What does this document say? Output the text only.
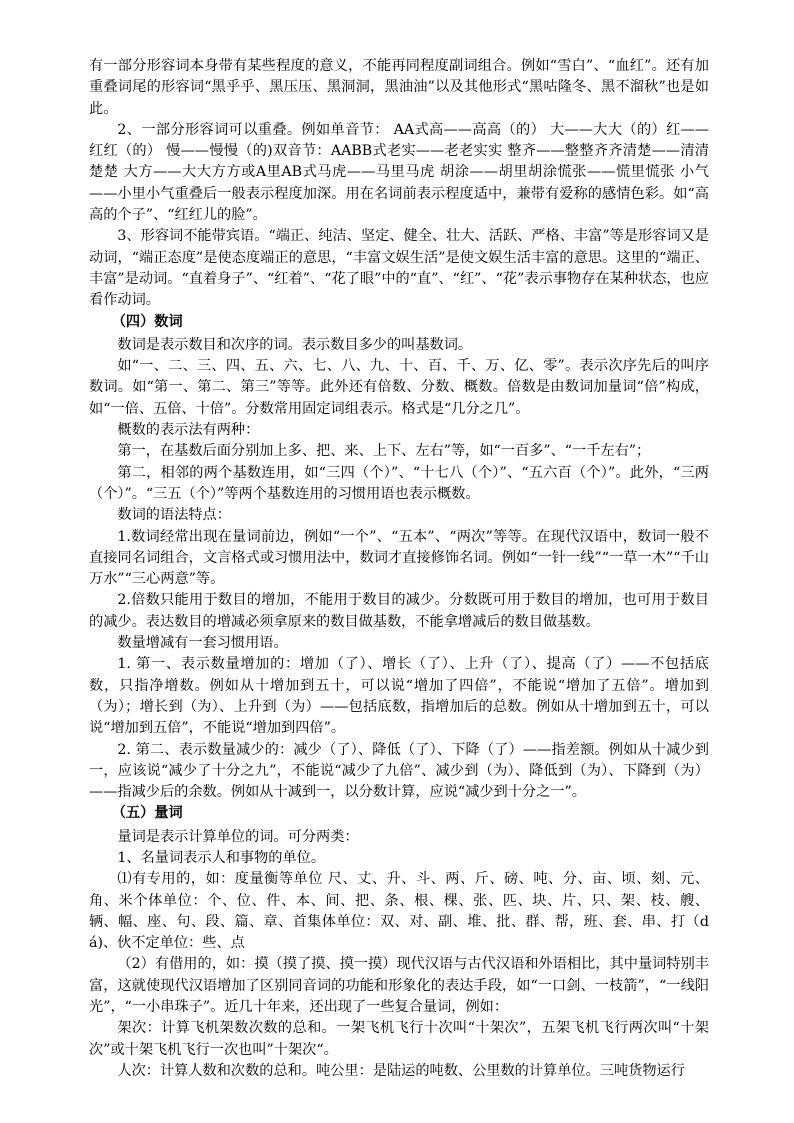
有一部分形容词本身带有某些程度的意义，不能再同程度副词组合。例如“雪白”、“血红”。还有加重叠词尾的形容词“黑乎乎、黑压压、黑洞洞，黑油油”以及其他形式“黑咕隆冬、黑不溜秋”也是如此。

2、一部分形容词可以重叠。例如单音节： AA式高——高高（的） 大——大大（的）红——红红（的） 慢——慢慢（的)双音节：AABB式老实——老老实实 整齐——整整齐齐清楚——清清楚楚 大方——大大方方或A里AB式马虎——马里马虎 胡涂——胡里胡涂慌张——慌里慌张 小气——小里小气重叠后一般表示程度加深。用在名词前表示程度适中，兼带有爱称的感情色彩。如“高高的个子”、“红红儿的脸”。

3、形容词不能带宾语。“端正、纯洁、坚定、健全、壮大、活跃、严格、丰富”等是形容词又是动词，“端正态度”是使态度端正的意思，“丰富文娱生活”是使文娱生活丰富的意思。这里的“端正、丰富”是动词。“直着身子”、“红着”、“花了眼”中的“直”、“红”、“花”表示事物存在某种状态，也应看作动词。

（四）数词

数词是表示数目和次序的词。表示数目多少的叫基数词。

如“一、二、三、四、五、六、七、八、九、十、百、千、万、亿、零”。表示次序先后的叫序数词。如“第一、第二、第三”等等。此外还有倍数、分数、概数。倍数是由数词加量词“倍”构成，如“一倍、五倍、十倍”。分数常用固定词组表示。格式是“几分之几”。

概数的表示法有两种：

第一，在基数后面分别加上多、把、来、上下、左右”等，如“一百多”、“一千左右”；

第二，相邻的两个基数连用，如“三四（个）”、“十七八（个）”、“五六百（个）”。此外，“三两（个）”。“三五（个）”等两个基数连用的习惯用语也表示概数。

数词的语法特点：

1.数词经常出现在量词前边，例如“一个”、“五本”、“两次”等等。在现代汉语中，数词一般不直接同名词组合，文言格式或习惯用法中，数词才直接修饰名词。例如“一针一线”“一草一木”“千山万水”“三心两意”等。

2.倍数只能用于数目的增加，不能用于数目的减少。分数既可用于数目的增加，也可用于数目的减少。表达数目的增减必须拿原来的数目做基数，不能拿增减后的数目做基数。

数量增减有一套习惯用语。

1. 第一、表示数量增加的：增加（了）、增长（了）、上升（了）、提高（了）——不包括底数，只指净增数。例如从十增加到五十，可以说“增加了四倍”，不能说“增加了五倍”。增加到（为）；增长到（为）、上升到（为）——包括底数，指增加后的总数。例如从十增加到五十，可以说“增加到五倍”，不能说“增加到四倍”。

2. 第二、表示数量减少的：减少（了）、降低（了）、下降（了）——指差额。例如从十减少到一，应该说“减少了十分之九”，不能说“减少了九倍”、减少到（为）、降低到（为）、下降到（为）——指减少后的余数。例如从十减到一，以分数计算，应说“减少到十分之一”。

（五）量词

量词是表示计算单位的词。可分两类：

1、名量词表示人和事物的单位。

⑴有专用的，如：度量衡等单位 尺、丈、升、斗、两、斤、磅、吨、分、亩、顷、刻、元、角、米个体单位：个、位、件、本、间、把、条、根、棵、张、匹、块、片、只、架、枝、艘、辆、幅、座、句、段、篇、章、首集体单位：双、对、副、堆、批、群、帮，班、套、串、打（dá)、伙不定单位：些、点

（2）有借用的，如：摸（摸了摸、摸一摸）现代汉语与古代汉语和外语相比，其中量词特别丰富，这就使现代汉语增加了区别同音词的功能和形象化的表达手段，如“一口剑、一枝箭”，“一线阳光”，“一小串珠子”。近几十年来，还出现了一些复合量词，例如：

架次：计算飞机架数次数的总和。一架飞机飞行十次叫“十架次”，五架飞机飞行两次叫“十架次”或十架飞机飞行一次也叫”十架次“。

人次：计算人数和次数的总和。吨公里：是陆运的吨数、公里数的计算单位。三吨货物运行
